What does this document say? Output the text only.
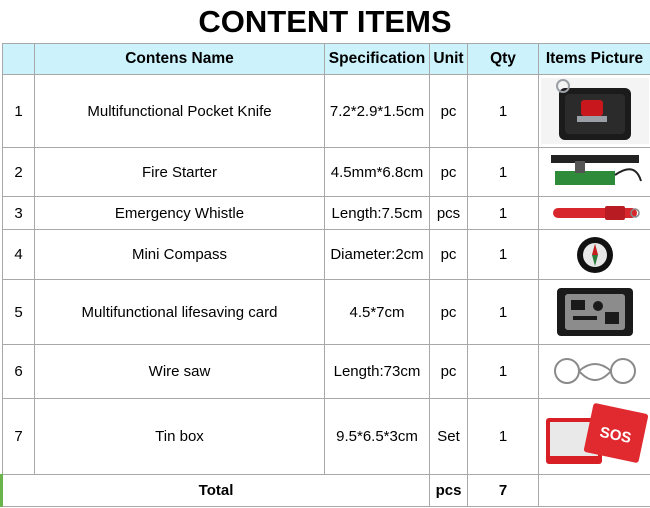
CONTENT ITEMS
	Contens Name	Specification	Unit	Qty	Items Picture
1	Multifunctional Pocket Knife	7.2*2.9*1.5cm	pc	1	

2	Fire Starter	4.5mm*6.8cm	pc	1	

3	Emergency Whistle	Length:7.5cm	pcs	1	

4	Mini Compass	Diameter:2cm	pc	1	

5	Multifunctional lifesaving card	4.5*7cm	pc	1	

6	Wire saw	Length:73cm	pc	1	

7	Tin box	9.5*6.5*3cm	Set	1	SOS

Total			pcs	7	
